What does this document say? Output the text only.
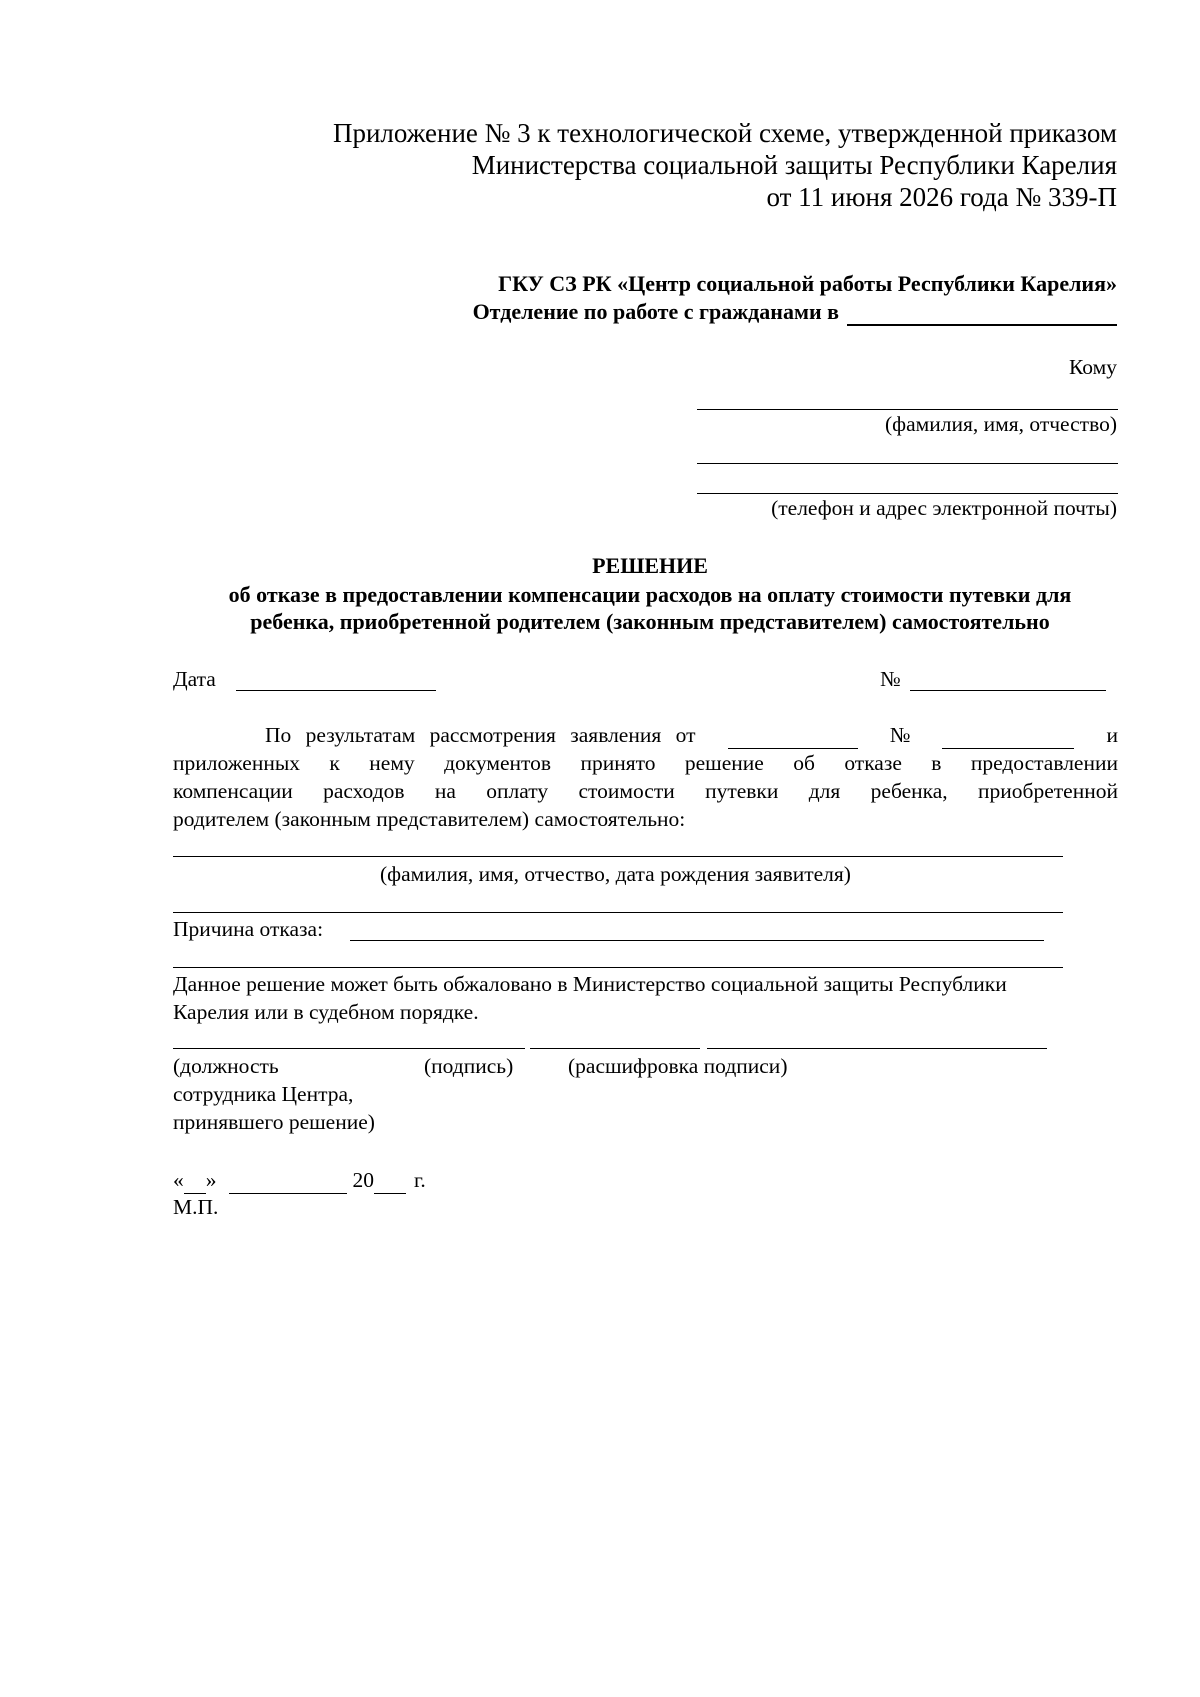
Приложение № 3 к технологической схеме, утвержденной приказом
Министерства социальной защиты Республики Карелия
от 11 июня 2026 года № 339-П
ГКУ СЗ РК «Центр социальной работы Республики Карелия»
Отделение по работе с гражданами в
Кому
(фамилия, имя, отчество)
(телефон и адрес электронной почты)
РЕШЕНИЕ
об отказе в предоставлении компенсации расходов на оплату стоимости путевки для
ребенка, приобретенной родителем (законным представителем) самостоятельно
Дата	№
По результатам рассмотрения заявления от	№	и
приложенных к нему документов принято решение об отказе в предоставлении
компенсации расходов на оплату стоимости путевки для ребенка, приобретенной
родителем (законным представителем) самостоятельно:
(фамилия, имя, отчество, дата рождения заявителя)
Причина отказа:
Данное решение может быть обжаловано в Министерство социальной защиты Республики
Карелия или в судебном порядке.
(должность
сотрудника Центра,
принявшего решение)
(подпись)	(расшифровка подписи)
« »	20 г.
М.П.
